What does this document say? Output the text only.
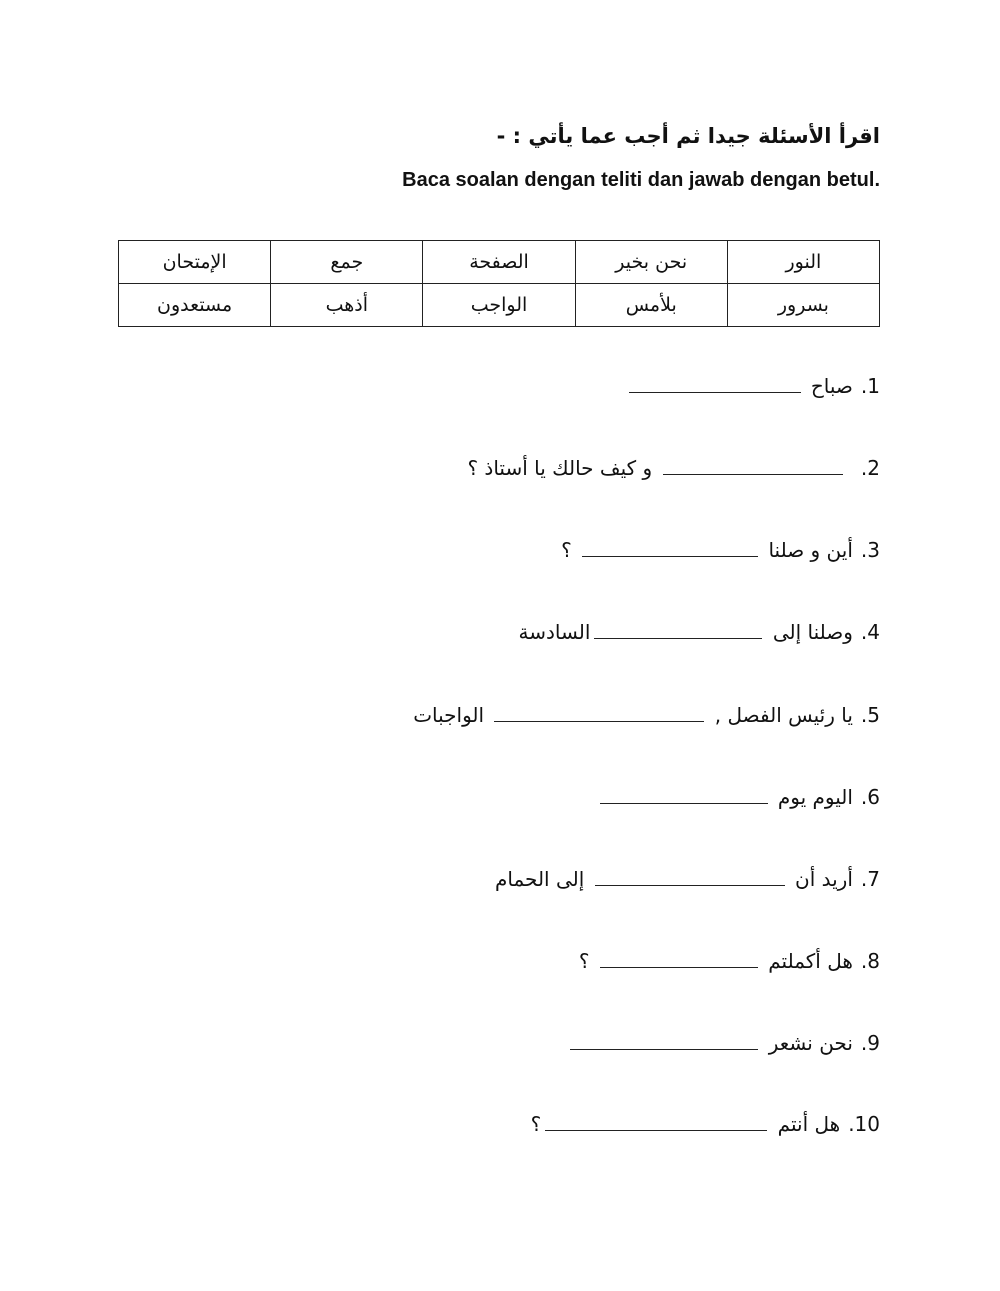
اقرأ الأسئلة جيدا ثم أجب عما يأتي : -
Baca soalan dengan teliti dan jawab dengan betul.
النور	نحن بخير	الصفحة	جمع	الإمتحان
بسرور	بلأمس	الواجب	أذهب	مستعدون
1.صباح
2.  و كيف حالك يا أستاذ ؟
3.أين و صلنا  ؟
4.وصلنا إلى السادسة
5.يا رئيس الفصل ,  الواجبات
6.اليوم يوم
7.أريد أن  إلى الحمام
8.هل أكملتم  ؟
9.نحن نشعر
10.هل أنتم ؟
